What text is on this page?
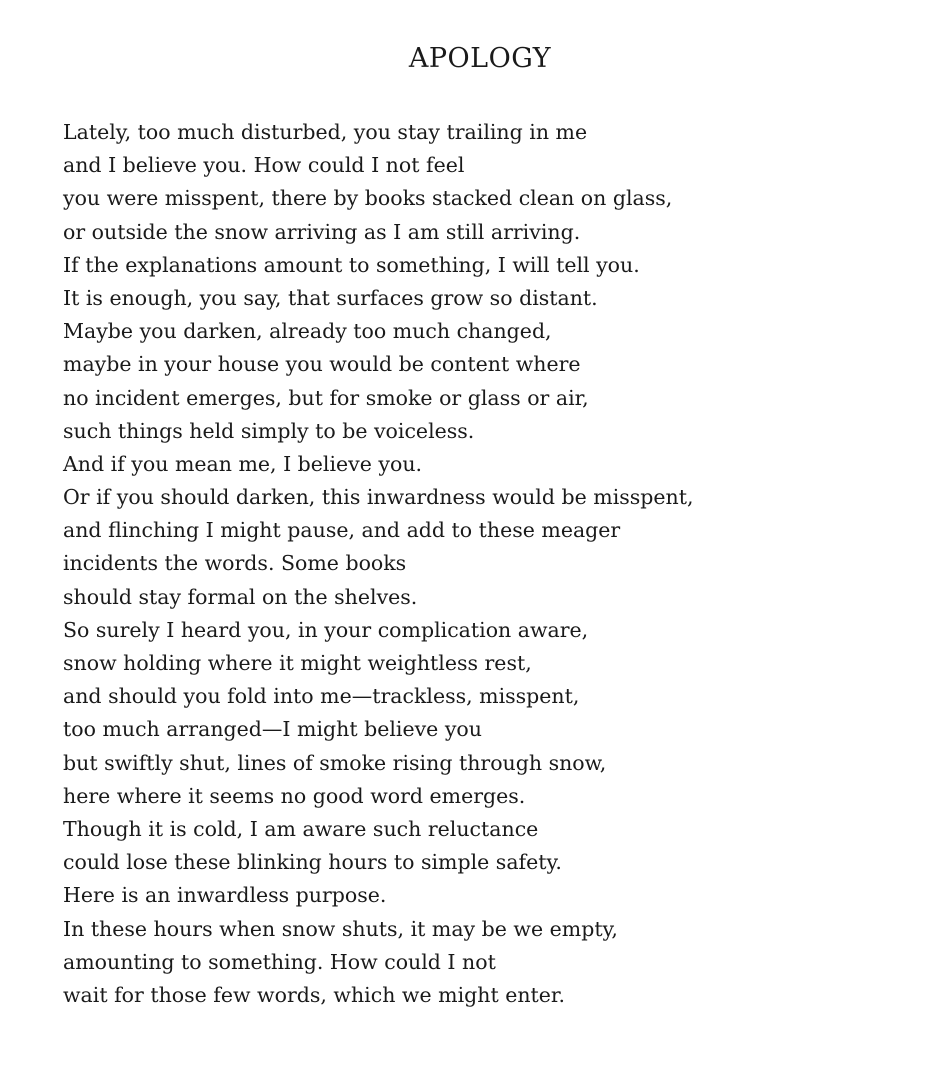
APOLOGY
Lately, too much disturbed, you stay trailing in me
and I believe you. How could I not feel
you were misspent, there by books stacked clean on glass,
or outside the snow arriving as I am still arriving.
If the explanations amount to something, I will tell you.
It is enough, you say, that surfaces grow so distant.
Maybe you darken, already too much changed,
maybe in your house you would be content where
no incident emerges, but for smoke or glass or air,
such things held simply to be voiceless.
And if you mean me, I believe you.
Or if you should darken, this inwardness would be misspent,
and flinching I might pause, and add to these meager
incidents the words. Some books
should stay formal on the shelves.
So surely I heard you, in your complication aware,
snow holding where it might weightless rest,
and should you fold into me—trackless, misspent,
too much arranged—I might believe you
but swiftly shut, lines of smoke rising through snow,
here where it seems no good word emerges.
Though it is cold, I am aware such reluctance
could lose these blinking hours to simple safety.
Here is an inwardless purpose.
In these hours when snow shuts, it may be we empty,
amounting to something. How could I not
wait for those few words, which we might enter.
